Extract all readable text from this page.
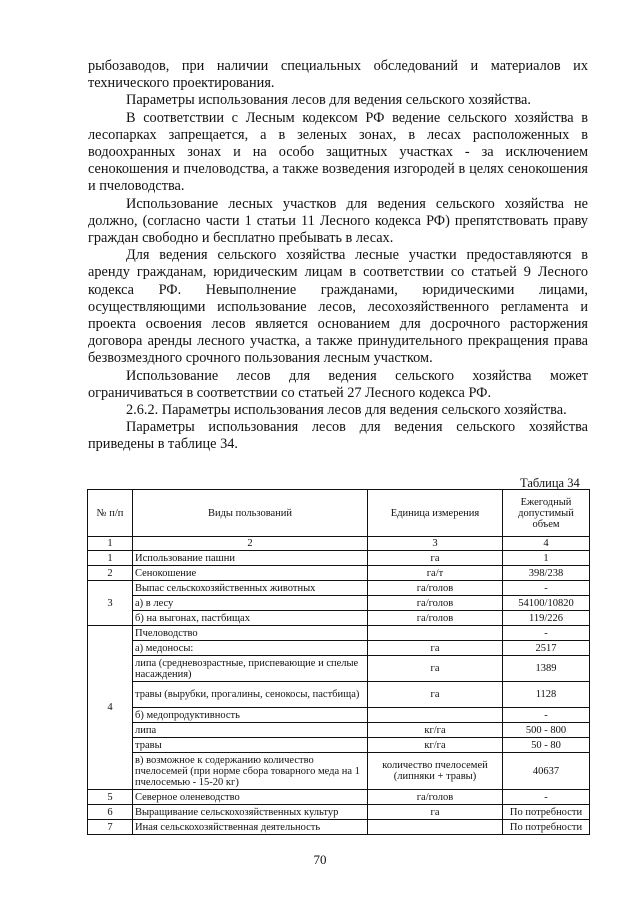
рыбозаводов, при наличии специальных обследований и материалов их технического проектирования.

Параметры использования лесов для ведения сельского хозяйства.

В соответствии с Лесным кодексом РФ ведение сельского хозяйства в лесопарках запрещается, а в зеленых зонах, в лесах расположенных в водоохранных зонах и на особо защитных участках - за исключением сенокошения и пчеловодства, а также возведения изгородей в целях сенокошения и пчеловодства.

Использование лесных участков для ведения сельского хозяйства не должно, (согласно части 1 статьи 11 Лесного кодекса РФ) препятствовать праву граждан свободно и бесплатно пребывать в лесах.

Для ведения сельского хозяйства лесные участки предоставляются в аренду гражданам, юридическим лицам в соответствии со статьей 9 Лесного кодекса РФ. Невыполнение гражданами, юридическими лицами, осуществляющими использование лесов, лесохозяйственного регламента и проекта освоения лесов является основанием для досрочного расторжения договора аренды лесного участка, а также принудительного прекращения права безвозмездного срочного пользования лесным участком.

Использование лесов для ведения сельского хозяйства может ограничиваться в соответствии со статьей 27 Лесного кодекса РФ.

2.6.2. Параметры использования лесов для ведения сельского хозяйства.

Параметры использования лесов для ведения сельского хозяйства приведены в таблице 34.

Таблица 34
№ п/п	Виды пользований	Единица измерения	Ежегодный допустимый объем
1	2	3	4
1	Использование пашни	га	1
2	Сенокошение	га/т	398/238
3	Выпас сельскохозяйственных животных	га/голов	-
	а) в лесу	га/голов	54100/10820
	б) на выгонах, пастбищах	га/голов	119/226
4	Пчеловодство		-
	а) медоносы:	га	2517
	липа (средневозрастные, приспевающие и спелые насаждения)	га	1389
	травы (вырубки, прогалины, сенокосы, пастбища)	га	1128
	б) медопродуктивность		-
	липа	кг/га	500 - 800
	травы	кг/га	50 - 80
	в) возможное к содержанию количество пчелосемей (при норме сбора товарного меда на 1 пчелосемью - 15-20 кг)	количество пчелосемей (липняки + травы)	40637
5	Северное оленеводство	га/голов	-
6	Выращивание сельскохозяйственных культур	га	По потребности
7	Иная сельскохозяйственная деятельность		По потребности
70
